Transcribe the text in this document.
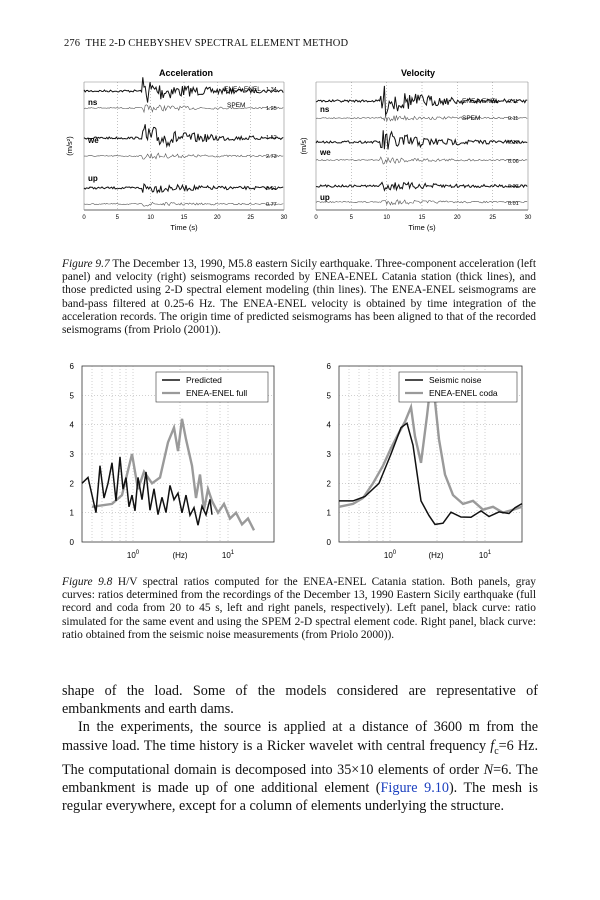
276 THE 2-D CHEBYSHEV SPECTRAL ELEMENT METHOD
Acceleration
ns
we
up
ENEA-ENEL
SPEM
1.34
1.25
1.52
2.73
0.91
0.77
0	5	10	15	20	25	30
Time (s)
(m/s²)
Velocity
ns
we
up
ENEA-ENEL
SPEM
0.11
0.11
0.10
0.06
0.03
0.01
0	5	10	15	20	25	30
Time (s)
(m/s)
Figure 9.7 The December 13, 1990, M5.8 eastern Sicily earthquake. Three-component acceleration (left panel) and velocity (right) seismograms recorded by ENEA-ENEL Catania station (thick lines), and those predicted using 2-D spectral element modeling (thin lines). The ENEA-ENEL seismograms are band-pass filtered at 0.25-6 Hz. The ENEA-ENEL velocity is obtained by time integration of the acceleration records. The origin time of predicted seismograms has been aligned to that of the recorded seismograms (from Priolo (2001)).
Predicted
ENEA-ENEL full
0
1
2
3
4
5
6
$10^0$	$10^1$
(Hz)
Seismic noise
ENEA-ENEL coda
0
1
2
3
4
5
6
$10^0$	$10^1$
(Hz)
Figure 9.8 H/V spectral ratios computed for the ENEA-ENEL Catania station. Both panels, gray curves: ratios determined from the recordings of the December 13, 1990 Eastern Sicily earthquake (full record and coda from 20 to 45 s, left and right panels, respectively). Left panel, black curve: ratio simulated for the same event and using the SPEM 2-D spectral element code. Right panel, black curve: ratio obtained from the seismic noise measurements (from Priolo 2000)).

shape of the load. Some of the models considered are representative of embankments and earth dams.

In the experiments, the source is applied at a distance of 3600 m from the massive load. The time history is a Ricker wavelet with central frequency $f_c=6$ Hz. The computational domain is decomposed into 35×10 elements of order N=6. The embankment is made up of one additional element (Figure 9.10). The mesh is regular everywhere, except for a column of elements underlying the structure.
